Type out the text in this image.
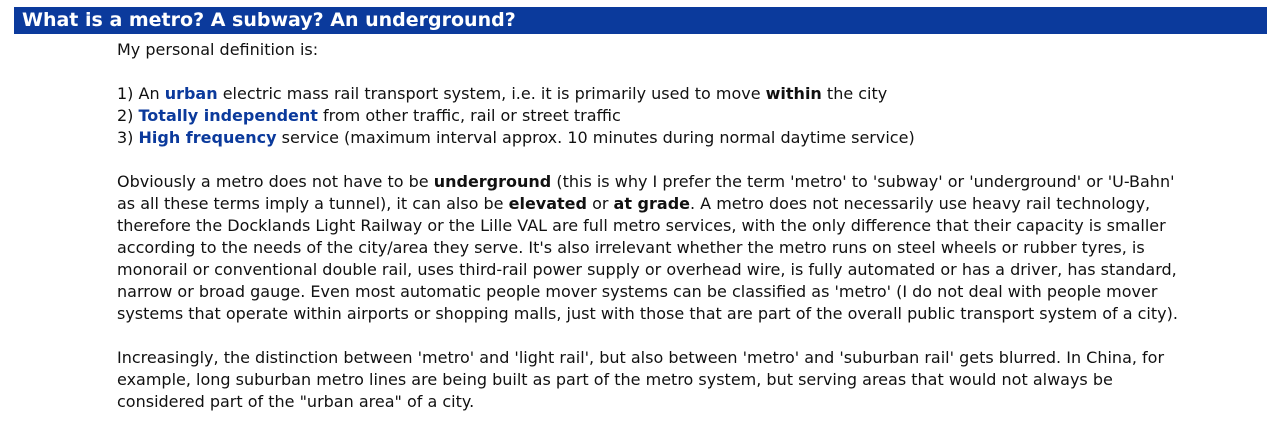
What is a metro? A subway? An underground?

My personal definition is:

1) An urban electric mass rail transport system, i.e. it is primarily used to move within the city

2) Totally independent from other traffic, rail or street traffic

3) High frequency service (maximum interval approx. 10 minutes during normal daytime service)

Obviously a metro does not have to be underground (this is why I prefer the term 'metro' to 'subway' or 'underground' or 'U-Bahn'

as all these terms imply a tunnel), it can also be elevated or at grade. A metro does not necessarily use heavy rail technology,

therefore the Docklands Light Railway or the Lille VAL are full metro services, with the only difference that their capacity is smaller

according to the needs of the city/area they serve. It's also irrelevant whether the metro runs on steel wheels or rubber tyres, is

monorail or conventional double rail, uses third-rail power supply or overhead wire, is fully automated or has a driver, has standard,

narrow or broad gauge. Even most automatic people mover systems can be classified as 'metro' (I do not deal with people mover

systems that operate within airports or shopping malls, just with those that are part of the overall public transport system of a city).

Increasingly, the distinction between 'metro' and 'light rail', but also between 'metro' and 'suburban rail' gets blurred. In China, for

example, long suburban metro lines are being built as part of the metro system, but serving areas that would not always be

considered part of the "urban area" of a city.
